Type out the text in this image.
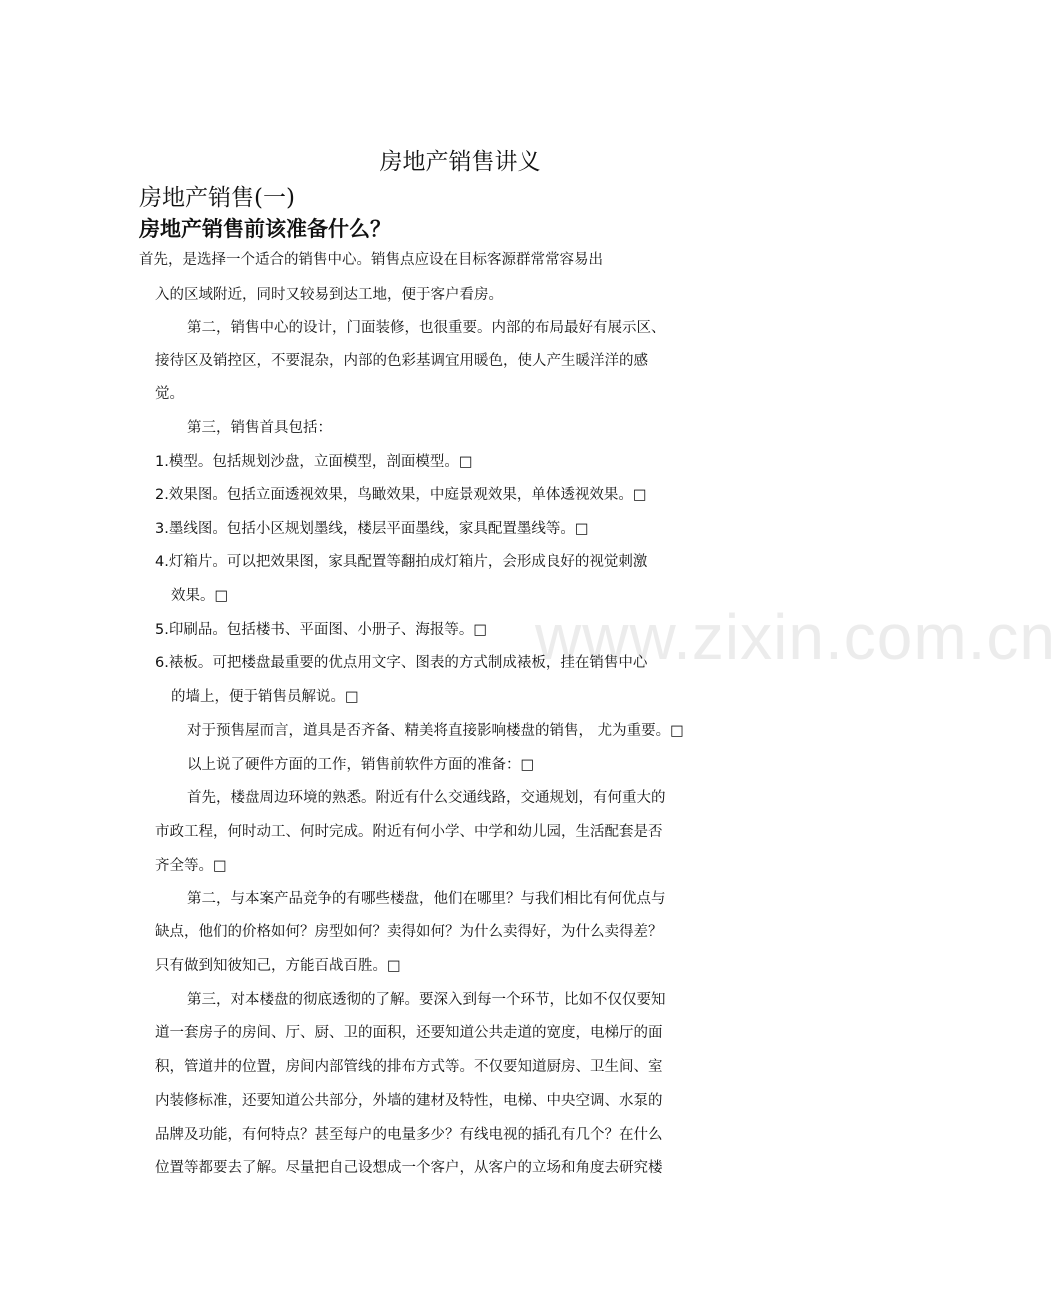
www.zixin.com.cn
房地产销售讲义
房地产销售(一)
房地产销售前该准备什么？
首先，是选择一个适合的销售中心。销售点应设在目标客源群常常容易出
入的区域附近，同时又较易到达工地，便于客户看房。
第二，销售中心的设计，门面装修，也很重要。内部的布局最好有展示区、
接待区及销控区，不要混杂，内部的色彩基调宜用暖色，使人产生暖洋洋的感
觉。
第三，销售首具包括：
1.模型。包括规划沙盘，立面模型，剖面模型。□
2.效果图。包括立面透视效果，鸟瞰效果，中庭景观效果，单体透视效果。□
3.墨线图。包括小区规划墨线，楼层平面墨线，家具配置墨线等。□
4.灯箱片。可以把效果图，家具配置等翻拍成灯箱片，会形成良好的视觉刺激
效果。□
5.印刷品。包括楼书、平面图、小册子、海报等。□
6.裱板。可把楼盘最重要的优点用文字、图表的方式制成裱板，挂在销售中心
的墙上，便于销售员解说。□
对于预售屋而言，道具是否齐备、精美将直接影响楼盘的销售， 尤为重要。□
以上说了硬件方面的工作，销售前软件方面的准备：□
首先，楼盘周边环境的熟悉。附近有什么交通线路，交通规划，有何重大的
市政工程，何时动工、何时完成。附近有何小学、中学和幼儿园，生活配套是否
齐全等。□
第二，与本案产品竞争的有哪些楼盘，他们在哪里？与我们相比有何优点与
缺点，他们的价格如何？房型如何？卖得如何？为什么卖得好，为什么卖得差？
只有做到知彼知己，方能百战百胜。□
第三，对本楼盘的彻底透彻的了解。要深入到每一个环节，比如不仅仅要知
道一套房子的房间、厅、厨、卫的面积，还要知道公共走道的宽度，电梯厅的面
积，管道井的位置，房间内部管线的排布方式等。不仅要知道厨房、卫生间、室
内装修标准，还要知道公共部分，外墙的建材及特性，电梯、中央空调、水泵的
品牌及功能，有何特点？甚至每户的电量多少？有线电视的插孔有几个？在什么
位置等都要去了解。尽量把自己设想成一个客户，从客户的立场和角度去研究楼
